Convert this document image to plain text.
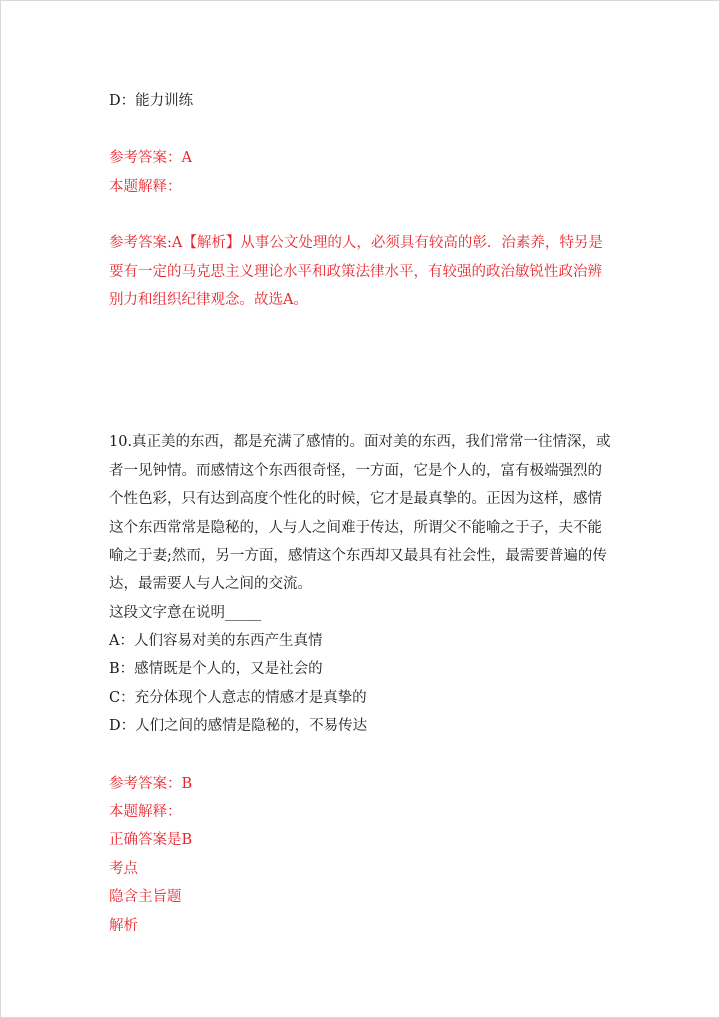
D：能力训练
参考答案：A
本题解释：
参考答案:A【解析】从事公文处理的人，必须具有较高的彰．治素养，特另是
要有一定的马克思主义理论水平和政策法律水平，有较强的政治敏锐性政治辨
别力和组织纪律观念。故选A。
10.真正美的东西，都是充满了感情的。面对美的东西，我们常常一往情深，或
者一见钟情。而感情这个东西很奇怪，一方面，它是个人的，富有极端强烈的
个性色彩，只有达到高度个性化的时候，它才是最真挚的。正因为这样，感情
这个东西常常是隐秘的，人与人之间难于传达，所谓父不能喻之于子，夫不能
喻之于妻;然而，另一方面，感情这个东西却又最具有社会性，最需要普遍的传
达，最需要人与人之间的交流。
这段文字意在说明_____
A：人们容易对美的东西产生真情
B：感情既是个人的，又是社会的
C：充分体现个人意志的情感才是真挚的
D：人们之间的感情是隐秘的，不易传达
参考答案：B
本题解释：
正确答案是B
考点
隐含主旨题
解析
